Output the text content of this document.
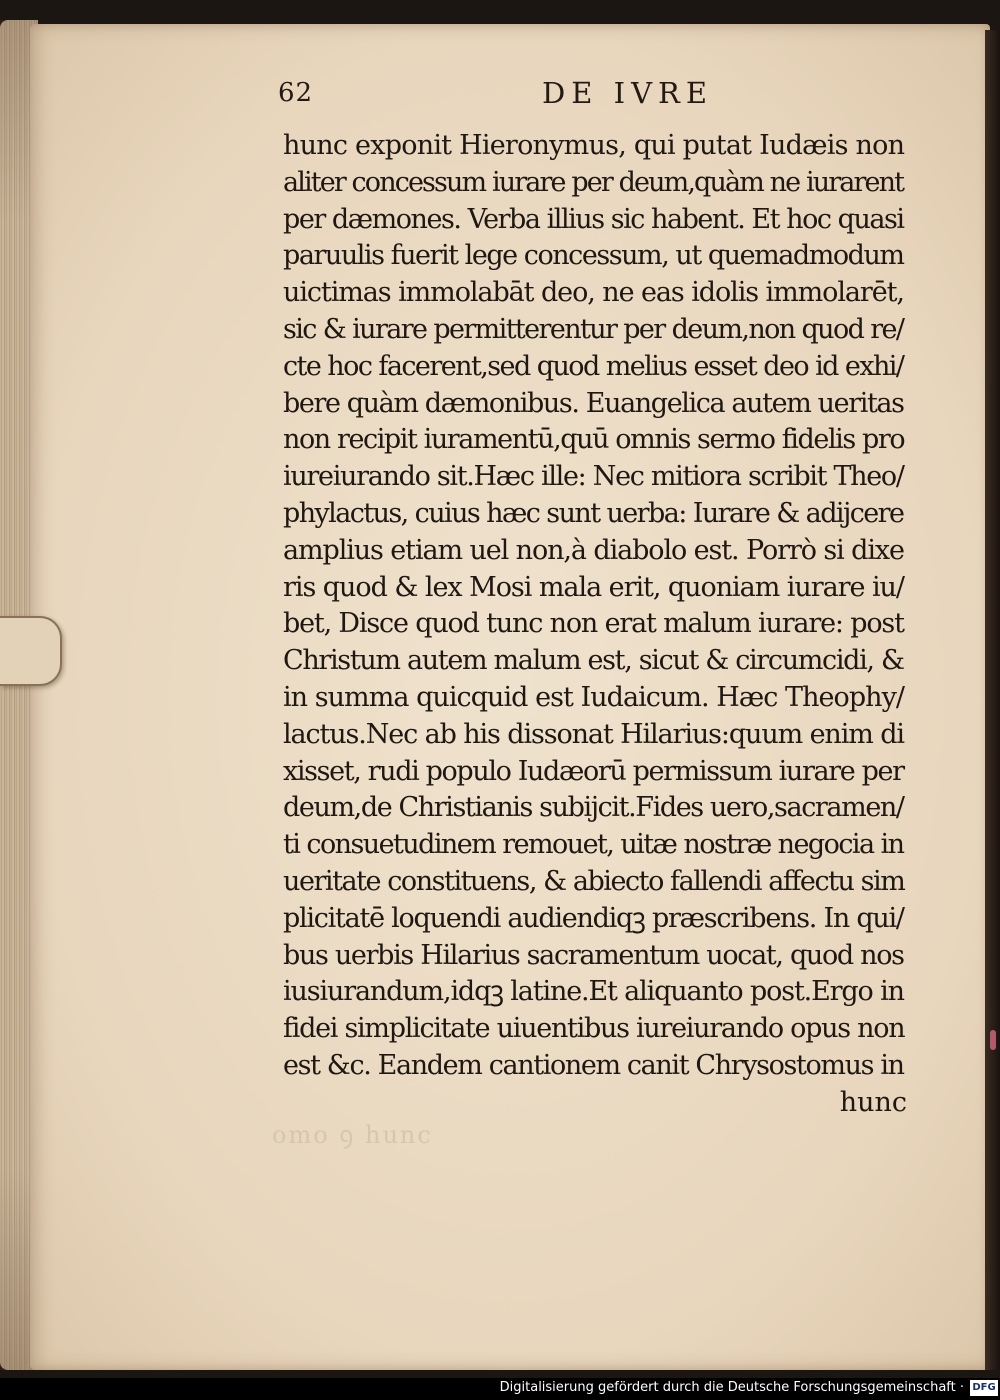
62	DE IVRE
hunc exponit Hieronymus, qui putat Iudæis non
aliter concessum iurare per deum,quàm ne iurarent
per dæmones. Verba illius sic habent. Et hoc quasi
paruulis fuerit lege concessum, ut quemadmodum
uictimas immolabāt deo, ne eas idolis immolarēt,
sic & iurare permitterentur per deum,non quod re/
cte hoc facerent,sed quod melius esset deo id exhi/
bere quàm dæmonibus. Euangelica autem ueritas
non recipit iuramentū,quū omnis sermo fidelis pro
iureiurando sit.Hæc ille: Nec mitiora scribit Theo/
phylactus, cuius hæc sunt uerba: Iurare & adijcere
amplius etiam uel non,à diabolo est. Porrò si dixe
ris quod & lex Mosi mala erit, quoniam iurare iu/
bet, Disce quod tunc non erat malum iurare: post
Christum autem malum est, sicut & circumcidi, &
in summa quicquid est Iudaicum. Hæc Theophy/
lactus.Nec ab his dissonat Hilarius:quum enim di
xisset, rudi populo Iudæorū permissum iurare per
deum,de Christianis subijcit.Fides uero,sacramen/
ti consuetudinem remouet, uitæ nostræ negocia in
ueritate constituens, & abiecto fallendi affectu sim
plicitatē loquendi audiendiqꝫ præscribens. In qui/
bus uerbis Hilarius sacramentum uocat, quod nos
iusiurandum,idqꝫ latine.Et aliquanto post.Ergo in
fidei simplicitate uiuentibus iureiurando opus non
est &c. Eandem cantionem canit Chrysostomus in
hunc
omo ꝯ hunc
Digitalisierung gefördert durch die Deutsche Forschungsgemeinschaft · DFG
